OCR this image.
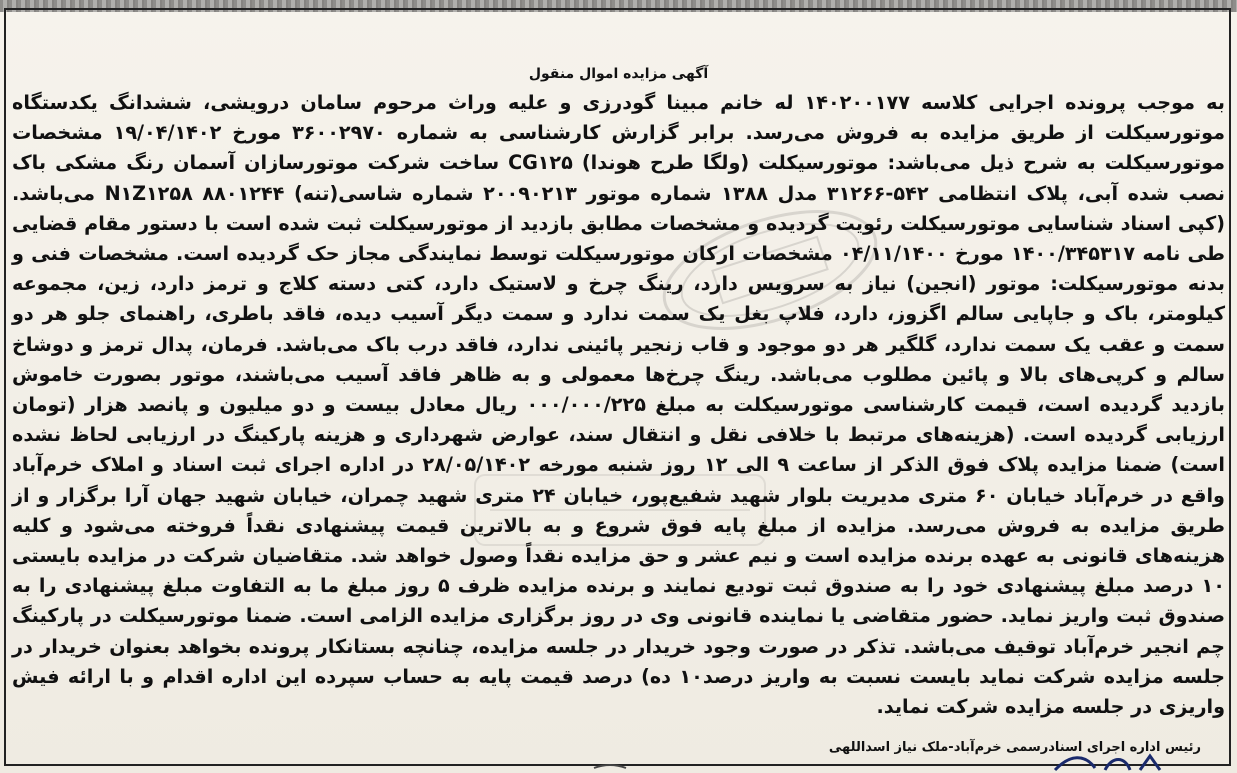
آگهی مزایده اموال منقول

به موجب پرونده اجرایی کلاسه ۱۴۰۲۰۰۱۷۷ له خانم مبینا گودرزی و علیه وراث مرحوم سامان درویشی، ششدانگ یکدستگاه موتورسیکلت از طریق مزایده به فروش می‌رسد. برابر گزارش کارشناسی به شماره ۳۶۰۰۲۹۷۰ مورخ ۱۹/۰۴/۱۴۰۲ مشخصات موتورسیکلت به شرح ذیل می‌باشد: موتورسیکلت (ولگا طرح هوندا) CG۱۲۵ ساخت شرکت موتورسازان آسمان رنگ مشکی باک نصب شده آبی، پلاک انتظامی ۵۴۲-۳۱۲۶۶ مدل ۱۳۸۸ شماره موتور ۲۰۰۹۰۲۱۳ شماره شاسی(تنه) N۱Z۱۲۵۸ ۸۸۰۱۲۴۴ می‌باشد. (کپی اسناد شناسایی موتورسیکلت رئویت گردیده و مشخصات مطابق بازدید از موتورسیکلت ثبت شده است با دستور مقام قضایی طی نامه ۱۴۰۰/۳۴۵۳۱۷ مورخ ۰۴/۱۱/۱۴۰۰ مشخصات ارکان موتورسیکلت توسط نمایندگی مجاز حک گردیده است. مشخصات فنی و بدنه موتورسیکلت: موتور (انجین) نیاز به سرویس دارد، رینگ چرخ و لاستیک دارد، کتی دسته کلاج و ترمز دارد، زین، مجموعه کیلومتر، باک و جاپایی سالم اگزوز، دارد، فلاپ بغل یک سمت ندارد و سمت دیگر آسیب دیده، فاقد باطری، راهنمای جلو هر دو سمت و عقب یک سمت ندارد، گلگیر هر دو موجود و قاب زنجیر پائینی ندارد، فاقد درب باک می‌باشد. فرمان، پدال ترمز و دوشاخ سالم و کرپی‌های بالا و پائین مطلوب می‌باشد. رینگ چرخ‌ها معمولی و به ظاهر فاقد آسیب می‌باشند، موتور بصورت خاموش بازدید گردیده است، قیمت کارشناسی موتورسیکلت به مبلغ ۰۰۰/۰۰۰/۲۲۵ ریال معادل بیست و دو میلیون و پانصد هزار (تومان ارزیابی گردیده است. (هزینه‌های مرتبط با خلافی نقل و انتقال سند، عوارض شهرداری و هزینه پارکینگ در ارزیابی لحاظ نشده است) ضمنا مزایده پلاک فوق الذکر از ساعت ۹ الی ۱۲ روز شنبه مورخه ۲۸/۰۵/۱۴۰۲ در اداره اجرای ثبت اسناد و املاک خرم‌آباد واقع در خرم‌آباد خیابان ۶۰ متری مدیریت بلوار شهید شفیع‌پور، خیابان ۲۴ متری شهید چمران، خیابان شهید جهان آرا برگزار و از طریق مزایده به فروش می‌رسد. مزایده از مبلغ پایه فوق شروع و به بالاترین قیمت پیشنهادی نقداً فروخته می‌شود و کلیه هزینه‌های قانونی به عهده برنده مزایده است و نیم عشر و حق مزایده نقداً وصول خواهد شد. متقاضیان شرکت در مزایده بایستی ۱۰ درصد مبلغ پیشنهادی خود را به صندوق ثبت تودیع نمایند و برنده مزایده ظرف ۵ روز مبلغ ما به التفاوت مبلغ پیشنهادی را به صندوق ثبت واریز نماید. حضور متقاضی یا نماینده قانونی وی در روز برگزاری مزایده الزامی است. ضمنا موتورسیکلت در پارکینگ چم انجیر خرم‌آباد توقیف می‌باشد. تذکر در صورت وجود خریدار در جلسه مزایده، چنانچه بستانکار پرونده بخواهد بعنوان خریدار در جلسه مزایده شرکت نماید بایست نسبت به واریز درصد۱۰ ده) درصد قیمت پایه به حساب سپرده این اداره اقدام و با ارائه فیش واریزی در جلسه مزایده شرکت نماید.

رئیس اداره اجرای اسنادرسمی خرم‌آباد-ملک نیاز اسداللهی
